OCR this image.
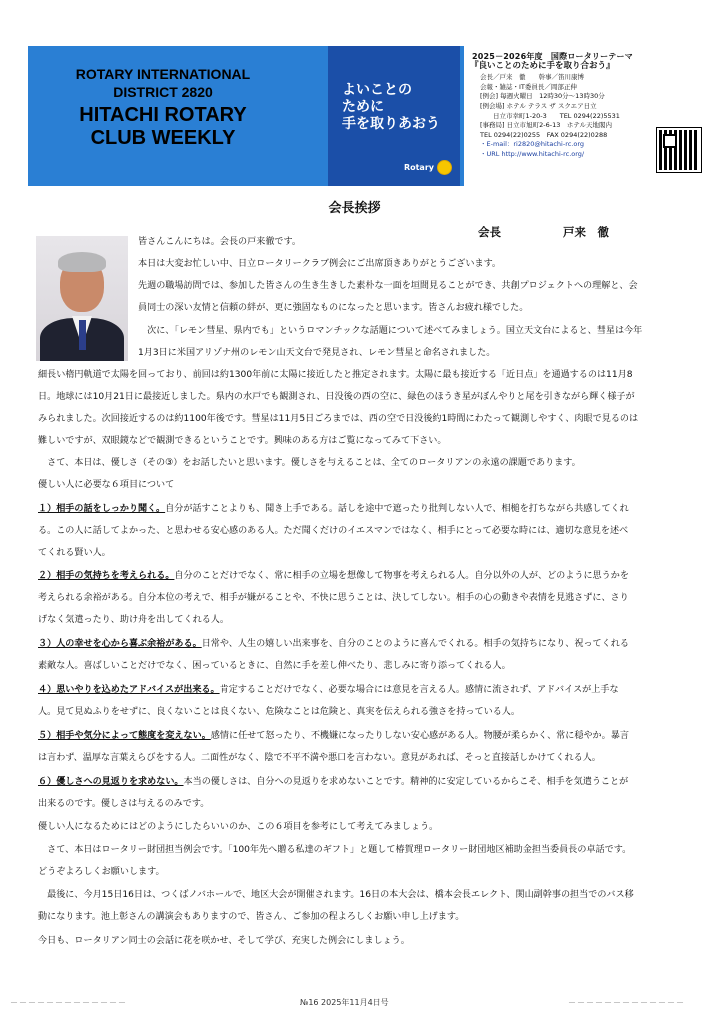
ROTARY INTERNATIONAL
DISTRICT 2820
HITACHI ROTARY
CLUB WEEKLY
よいことの
ために
手を取りあおう
Rotary
2025－2026年度　国際ロータリーテーマ
『良いことのために手を取り合おう』
会長／戸来　徹　　幹事／笛川康博
会報・雑誌・IT委員長／岡部正伸
[例会] 毎週火曜日　12時30分～13時30分
[例会場] ホテル テラス ザ スクエア日立
　　日立市幸町1-20-3　　TEL 0294(22)5531
[事務局] 日立市旭町2-6-13　ホテル天地閣内
TEL 0294(22)0255　FAX 0294(22)0288
・E-mail：ri2820@hitachi-rc.org
・URL http://www.hitachi-rc.org/
会長挨拶
会長	戸来　徹
皆さんこんにちは。会長の戸来徹です。
本日は大変お忙しい中、日立ロータリークラブ例会にご出席頂きありがとうございます。
先週の職場訪問では、参加した皆さんの生き生きした素朴な一面を垣間見ることができ、共創プロジェクトへの理解と、会
員同士の深い友情と信頼の絆が、更に強固なものになったと思います。皆さんお疲れ様でした。
　次に、「レモン彗星、県内でも」というロマンチックな話題について述べてみましょう。国立天文台によると、彗星は今年
1月3日に米国アリゾナ州のレモン山天文台で発見され、レモン彗星と命名されました。
細長い楕円軌道で太陽を回っており、前回は約1300年前に太陽に接近したと推定されます。太陽に最も接近する「近日点」を通過するのは11月8
日。地球には10月21日に最接近しました。県内の水戸でも観測され、日没後の西の空に、緑色のほうき星がぼんやりと尾を引きながら輝く様子が
みられました。次回接近するのは約1100年後です。彗星は11月5日ごろまでは、西の空で日没後約1時間にわたって観測しやすく、肉眼で見るのは
難しいですが、双眼鏡などで観測できるということです。興味のある方はご覧になってみて下さい。
　さて、本日は、優しさ（その③）をお話したいと思います。優しさを与えることは、全てのロータリアンの永遠の課題であります。
優しい人に必要な６項目について
１）相手の話をしっかり聞く。自分が話すことよりも、聞き上手である。話しを途中で遮ったり批判しない人で、相槌を打ちながら共感してくれ
る。この人に話してよかった、と思わせる安心感のある人。ただ聞くだけのイエスマンではなく、相手にとって必要な時には、適切な意見を述べ
てくれる賢い人。
２）相手の気持ちを考えられる。自分のことだけでなく、常に相手の立場を想像して物事を考えられる人。自分以外の人が、どのように思うかを
考えられる余裕がある。自分本位の考えで、相手が嫌がることや、不快に思うことは、決してしない。相手の心の動きや表情を見逃さずに、さり
げなく気遣ったり、助け舟を出してくれる人。
３）人の幸せを心から喜ぶ余裕がある。日常や、人生の嬉しい出来事を、自分のことのように喜んでくれる。相手の気持ちになり、祝ってくれる
素敵な人。喜ばしいことだけでなく、困っているときに、自然に手を差し伸べたり、悲しみに寄り添ってくれる人。
４）思いやりを込めたアドバイスが出来る。肯定することだけでなく、必要な場合には意見を言える人。感情に流されず、アドバイスが上手な
人。見て見ぬふりをせずに、良くないことは良くない、危険なことは危険と、真実を伝えられる強さを持っている人。
５）相手や気分によって態度を変えない。感情に任せて怒ったり、不機嫌になったりしない安心感がある人。物腰が柔らかく、常に穏やか。暴言
は言わず、温厚な言葉えらびをする人。二面性がなく、陰で不平不満や悪口を言わない。意見があれば、そっと直接話しかけてくれる人。
６）優しさへの見返りを求めない。本当の優しさは、自分への見返りを求めないことです。精神的に安定しているからこそ、相手を気遣うことが
出来るのです。優しさは与えるのみです。
優しい人になるためにはどのようにしたらいいのか、この６項目を参考にして考えてみましょう。
　さて、本日はロータリー財団担当例会です。「100年先へ贈る私達のギフト」と題して椿賀理ロータリー財団地区補助金担当委員長の卓話です。
どうぞよろしくお願いします。
　最後に、今月15日16日は、つくばノバホールで、地区大会が開催されます。16日の本大会は、橋本会長エレクト、関山副幹事の担当でのバス移
動になります。池上彰さんの講演会もありますので、皆さん、ご参加の程よろしくお願い申し上げます。
今日も、ロータリアン同士の会話に花を咲かせ、そして学び、充実した例会にしましょう。
－－－－－－－－－－－－－	№16 2025年11月4日号	－－－－－－－－－－－－－
